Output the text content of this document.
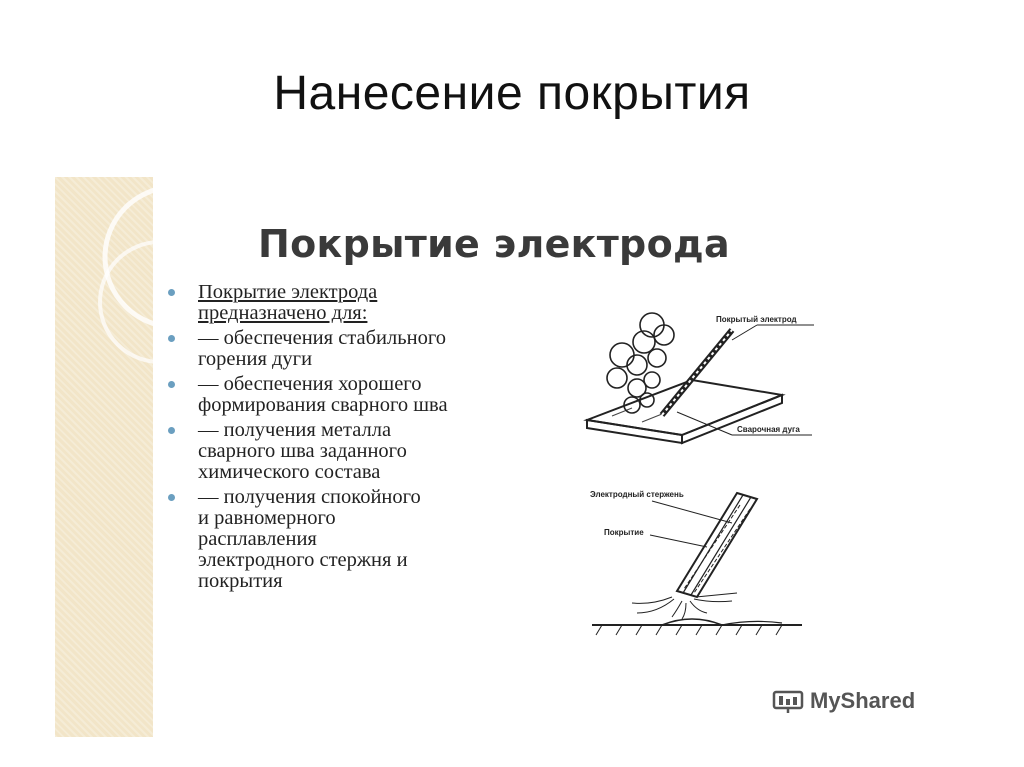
Нанесение покрытия
Покрытие электрода
Покрытие электрода
предназначено для:
— обеспечения стабильного
горения дуги
— обеспечения хорошего
формирования сварного шва
— получения металла
сварного шва заданного
химического состава
— получения спокойного
и равномерного
расплавления
электродного стержня и
покрытия
Покрытый электрод
Сварочная дуга
Электродный стержень
Покрытие
MyShared
